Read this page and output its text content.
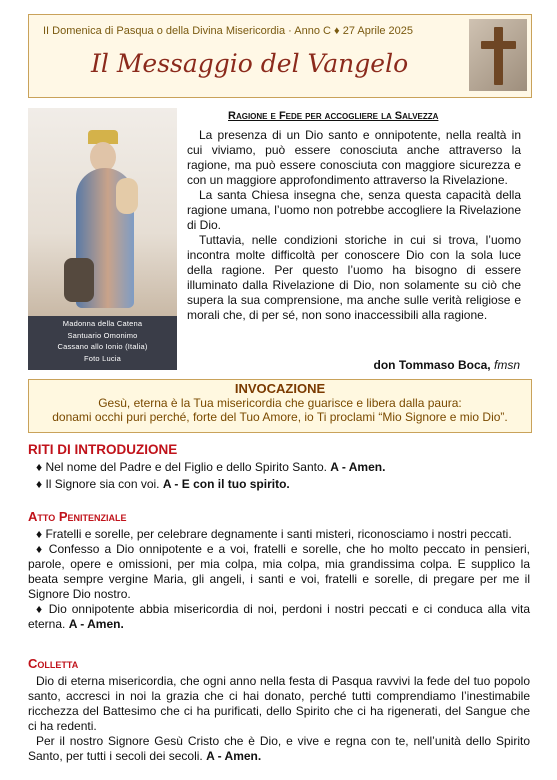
II Domenica di Pasqua o della Divina Misericordia · Anno C ♦ 27 Aprile 2025
Il Messaggio del Vangelo
Madonna della Catena
Santuario Omonimo
Cassano allo Ionio (Italia)
Foto Lucia
Ragione e Fede per accogliere la Salvezza

La presenza di un Dio santo e onnipotente, nella realtà in cui viviamo, può essere conosciuta anche attraverso la ragione, ma può essere conosciuta con maggiore sicurezza e con un maggiore approfondimento attraverso la Rivelazione.

La santa Chiesa insegna che, senza questa capacità della ragione umana, l’uomo non potrebbe accogliere la Rivelazione di Dio.

Tuttavia, nelle condizioni storiche in cui si trova, l’uomo incontra molte difficoltà per conoscere Dio con la sola luce della ragione. Per questo l’uomo ha bisogno di essere illuminato dalla Rivelazione di Dio, non solamente su ciò che supera la sua comprensione, ma anche sulle verità religiose e morali che, di per sé, non sono inaccessibili alla ragione.

don Tommaso Boca, fmsn
INVOCAZIONE
Gesù, eterna è la Tua misericordia che guarisce e libera dalla paura:
donami occhi puri perché, forte del Tuo Amore, io Ti proclami “Mio Signore e mio Dio”.
RITI DI INTRODUZIONE
♦ Nel nome del Padre e del Figlio e dello Spirito Santo. A - Amen.
♦ Il Signore sia con voi. A - E con il tuo spirito.
Atto Penitenziale

♦ Fratelli e sorelle, per celebrare degnamente i santi misteri, riconosciamo i nostri peccati.

♦ Confesso a Dio onnipotente e a voi, fratelli e sorelle, che ho molto peccato in pensieri, parole, opere e omissioni, per mia colpa, mia colpa, mia grandissima colpa. E supplico la beata sempre vergine Maria, gli angeli, i santi e voi, fratelli e sorelle, di pregare per me il Signore Dio nostro.

♦ Dio onnipotente abbia misericordia di noi, perdoni i nostri peccati e ci conduca alla vita eterna. A - Amen.

Colletta

Dio di eterna misericordia, che ogni anno nella festa di Pasqua ravvivi la fede del tuo popolo santo, accresci in noi la grazia che ci hai donato, perché tutti comprendiamo l’inestimabile ricchezza del Battesimo che ci ha purificati, dello Spirito che ci ha rigenerati, del Sangue che ci ha redenti.

Per il nostro Signore Gesù Cristo che è Dio, e vive e regna con te, nell’unità dello Spirito Santo, per tutti i secoli dei secoli. A - Amen.
